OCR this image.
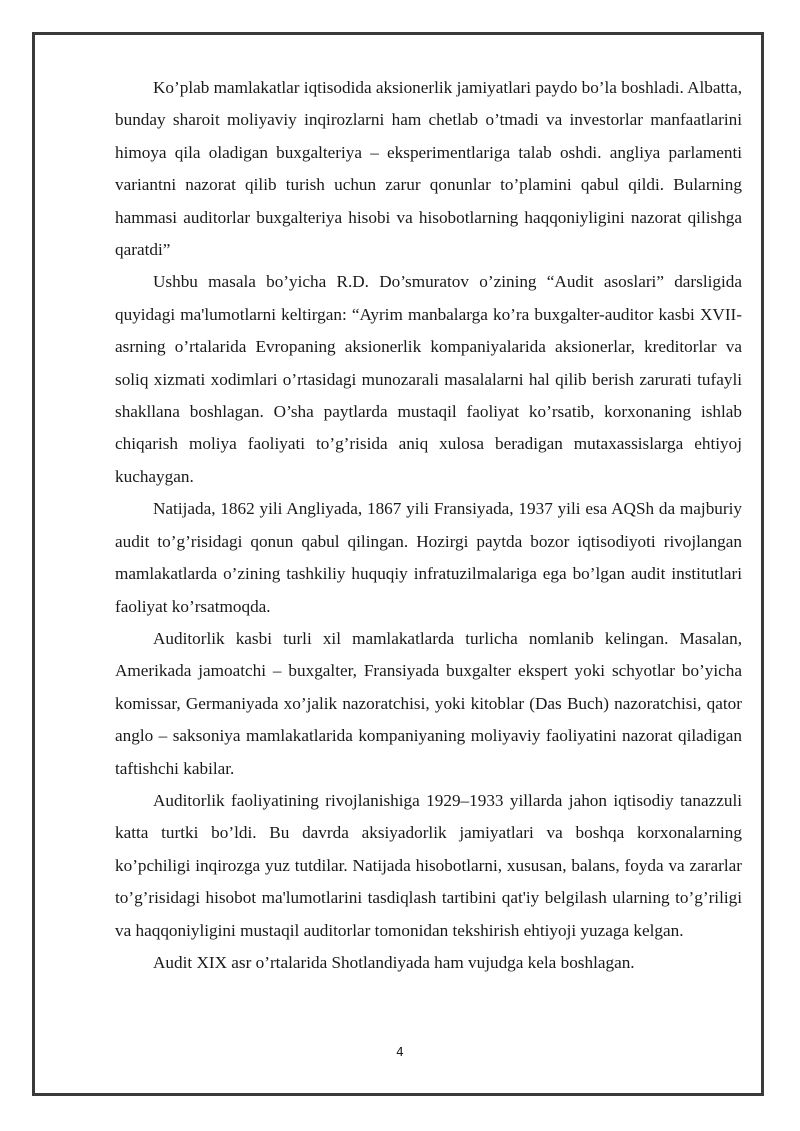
Ko’plab mamlakatlar iqtisodida aksionerlik jamiyatlari paydo bo’la boshladi. Albatta, bunday sharoit moliyaviy inqirozlarni ham chetlab o’tmadi va investorlar manfaatlarini himoya qila oladigan buxgalteriya – eksperimentlariga talab oshdi. angliya parlamenti variantni nazorat qilib turish uchun zarur qonunlar to’plamini qabul qildi. Bularning hammasi auditorlar buxgalteriya hisobi va hisobotlarning haqqoniyligini nazorat qilishga qaratdi”

Ushbu masala bo’yicha R.D. Do’smuratov o’zining “Audit asoslari” darsligida quyidagi ma'lumotlarni keltirgan: “Ayrim manbalarga ko’ra buxgalter-auditor kasbi XVII-asrning o’rtalarida Evropaning aksionerlik kompaniyalarida aksionerlar, kreditorlar va soliq xizmati xodimlari o’rtasidagi munozarali masalalarni hal qilib berish zarurati tufayli shakllana boshlagan. O’sha paytlarda mustaqil faoliyat ko’rsatib, korxonaning ishlab chiqarish moliya faoliyati to’g’risida aniq xulosa beradigan mutaxassislarga ehtiyoj kuchaygan.

Natijada, 1862 yili Angliyada, 1867 yili Fransiyada, 1937 yili esa AQSh da majburiy audit to’g’risidagi qonun qabul qilingan. Hozirgi paytda bozor iqtisodiyoti rivojlangan mamlakatlarda o’zining tashkiliy huquqiy infratuzilmalariga ega bo’lgan audit institutlari faoliyat ko’rsatmoqda.

Auditorlik kasbi turli xil mamlakatlarda turlicha nomlanib kelingan. Masalan, Amerikada jamoatchi – buxgalter, Fransiyada buxgalter ekspert yoki schyotlar bo’yicha komissar, Germaniyada xo’jalik nazoratchisi, yoki kitoblar (Das Buch) nazoratchisi, qator anglo – saksoniya mamlakatlarida kompaniyaning moliyaviy faoliyatini nazorat qiladigan taftishchi kabilar.

Auditorlik faoliyatining rivojlanishiga 1929–1933 yillarda jahon iqtisodiy tanazzuli katta turtki bo’ldi. Bu davrda aksiyadorlik jamiyatlari va boshqa korxonalarning ko’pchiligi inqirozga yuz tutdilar. Natijada hisobotlarni, xususan, balans, foyda va zararlar to’g’risidagi hisobot ma'lumotlarini tasdiqlash tartibini qat'iy belgilash ularning to’g’riligi va haqqoniyligini mustaqil auditorlar tomonidan tekshirish ehtiyoji yuzaga kelgan.

Audit XIX asr o’rtalarida Shotlandiyada ham vujudga kela boshlagan.

4
